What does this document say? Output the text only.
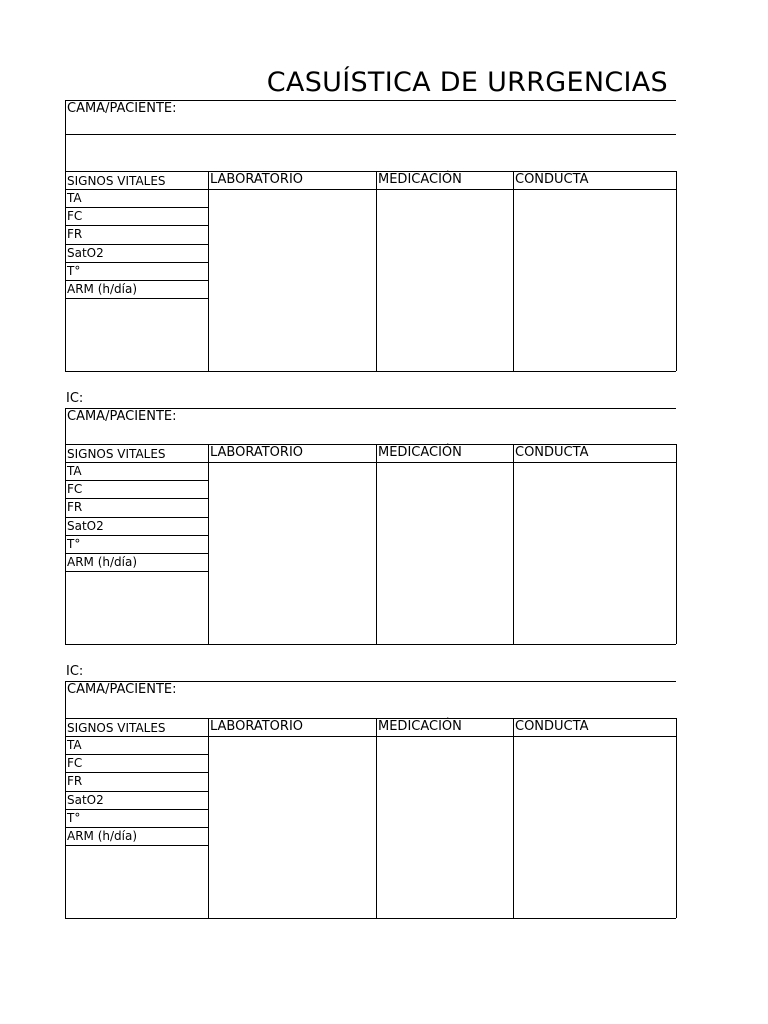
CASUÍSTICA DE URRGENCIAS
CAMA/PACIENTE:
SIGNOS VITALES	LABORATORIO	MEDICACIÓN	CONDUCTA
TA
FC
FR
SatO2
T°
ARM (h/día)
IC:
CAMA/PACIENTE:
SIGNOS VITALES	LABORATORIO	MEDICACIÓN	CONDUCTA
TA
FC
FR
SatO2
T°
ARM (h/día)
IC:
CAMA/PACIENTE:
SIGNOS VITALES	LABORATORIO	MEDICACIÓN	CONDUCTA
TA
FC
FR
SatO2
T°
ARM (h/día)
